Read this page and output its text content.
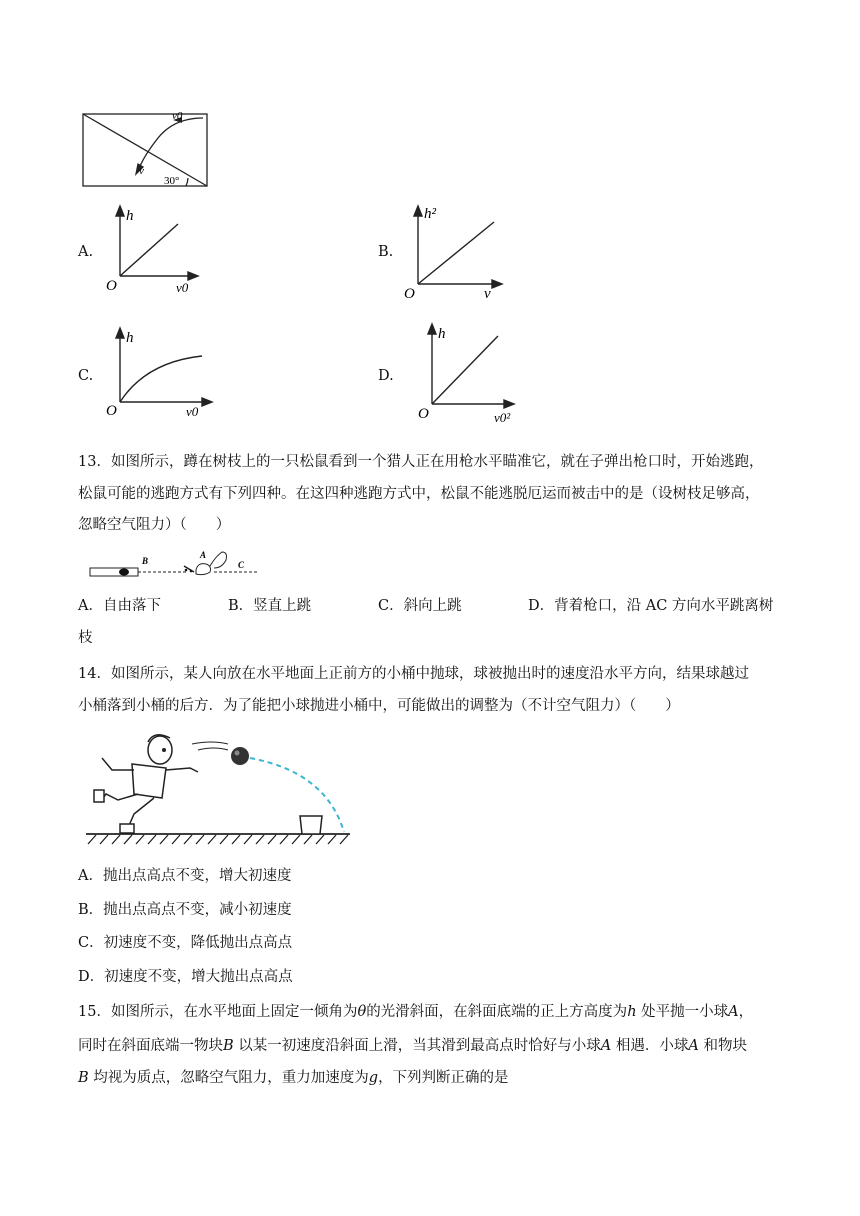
v0
v
30°
A.
h
O	v0
B.
h²
O	v
C.
h
O	v0
D.
h
O	v0²
13．如图所示，蹲在树枝上的一只松鼠看到一个猎人正在用枪水平瞄准它，就在子弹出枪口时，开始逃跑，
松鼠可能的逃跑方式有下列四种。在这四种逃跑方式中，松鼠不能逃脱厄运而被击中的是（设树枝足够高，
忽略空气阻力）（　　）
B
A
C
A．自由落下	B．竖直上跳	C．斜向上跳	D．背着枪口，沿 AC 方向水平跳离树
枝
14．如图所示，某人向放在水平地面上正前方的小桶中抛球，球被抛出时的速度沿水平方向，结果球越过
小桶落到小桶的后方．为了能把小球抛进小桶中，可能做出的调整为（不计空气阻力）（　　）
A．抛出点高点不变，增大初速度
B．抛出点高点不变，减小初速度
C．初速度不变，降低抛出点高点
D．初速度不变，增大抛出点高点
15．如图所示，在水平地面上固定一倾角为θ的光滑斜面，在斜面底端的正上方高度为h 处平抛一小球A，
同时在斜面底端一物块B 以某一初速度沿斜面上滑，当其滑到最高点时恰好与小球A 相遇．小球A 和物块
B 均视为质点，忽略空气阻力，重力加速度为g，下列判断正确的是
